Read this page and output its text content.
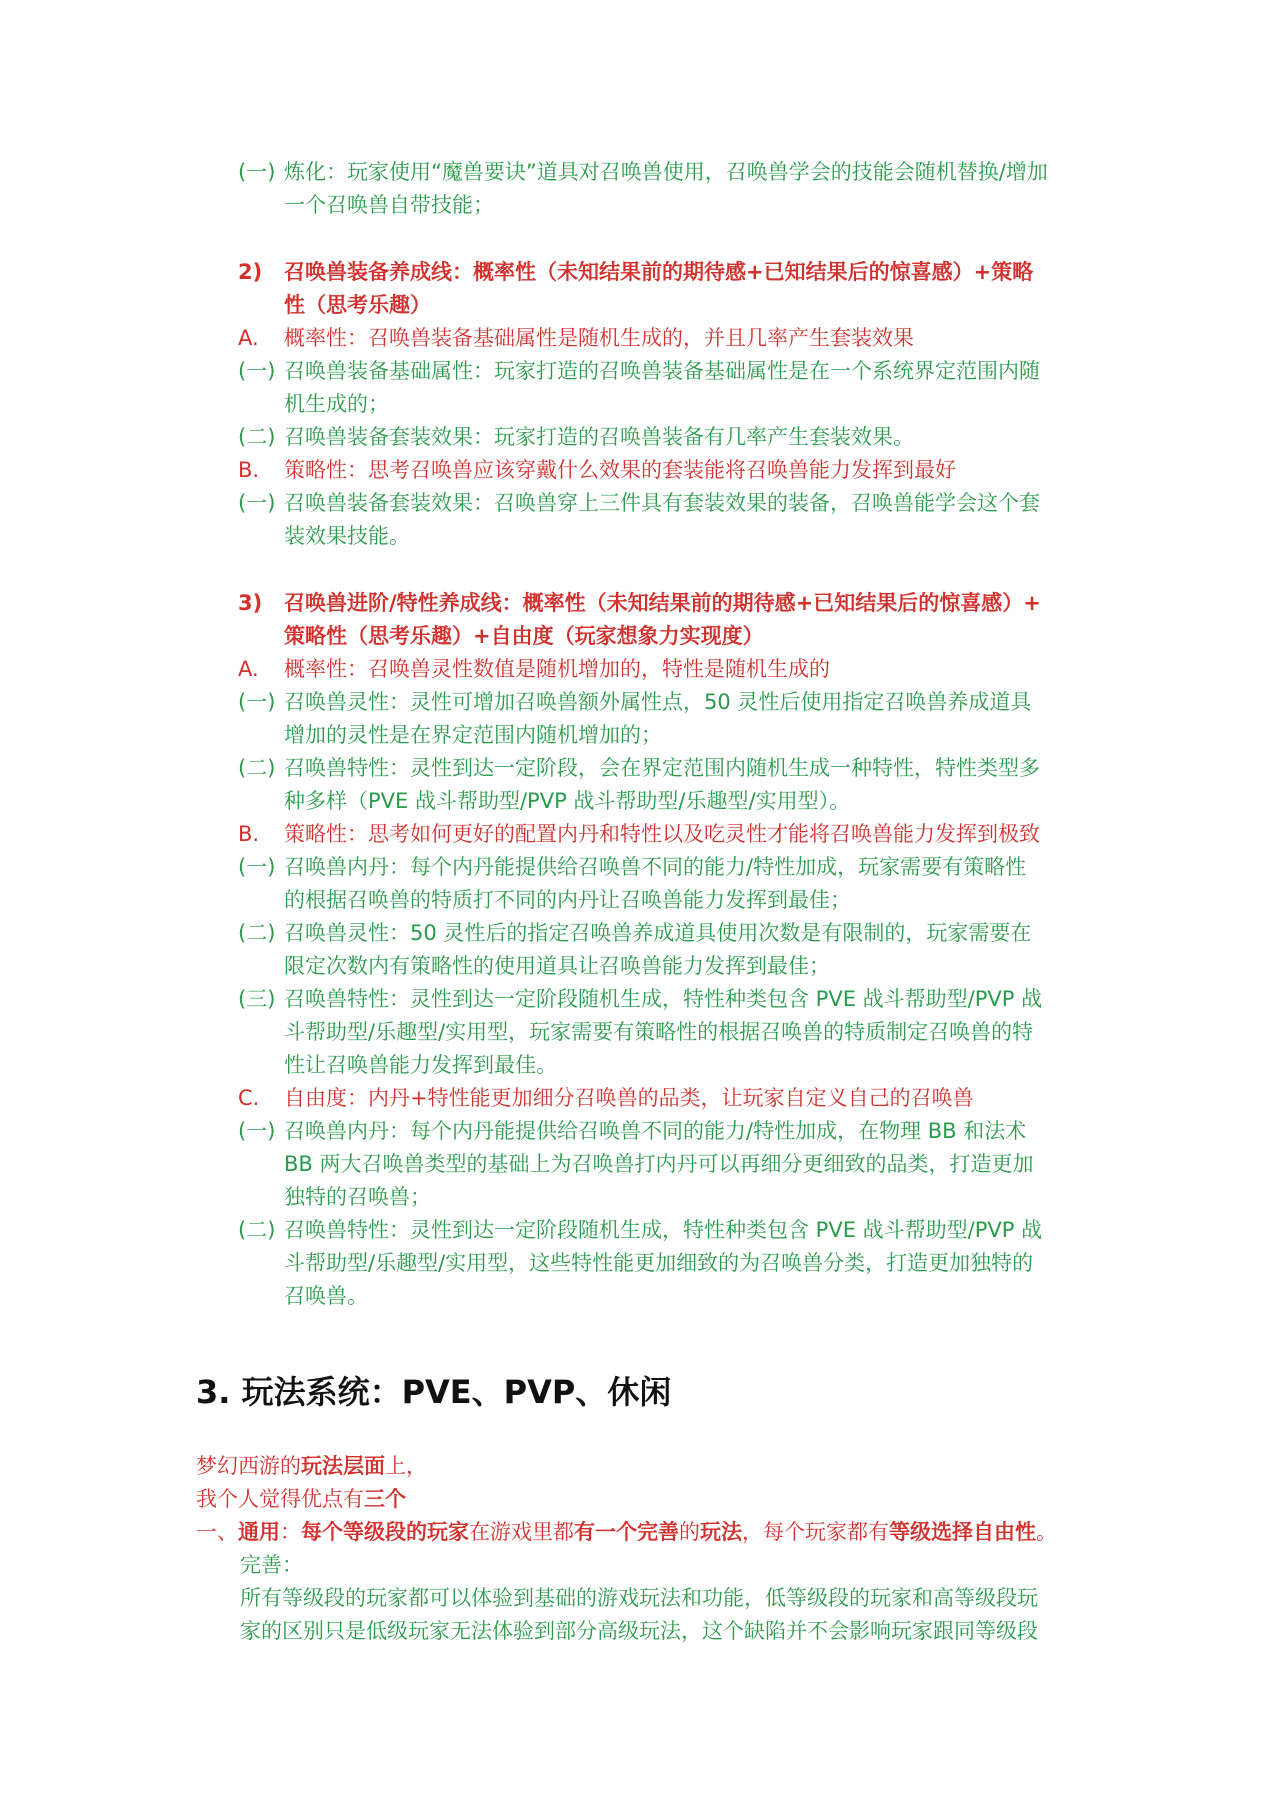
(一) 炼化：玩家使用“魔兽要诀”道具对召唤兽使用，召唤兽学会的技能会随机替换/增加
一个召唤兽自带技能；
2) 召唤兽装备养成线：概率性（未知结果前的期待感+已知结果后的惊喜感）+策略
性（思考乐趣）
A. 概率性：召唤兽装备基础属性是随机生成的，并且几率产生套装效果
(一) 召唤兽装备基础属性：玩家打造的召唤兽装备基础属性是在一个系统界定范围内随
机生成的；
(二) 召唤兽装备套装效果：玩家打造的召唤兽装备有几率产生套装效果。
B. 策略性：思考召唤兽应该穿戴什么效果的套装能将召唤兽能力发挥到最好
(一) 召唤兽装备套装效果：召唤兽穿上三件具有套装效果的装备，召唤兽能学会这个套
装效果技能。
3) 召唤兽进阶/特性养成线：概率性（未知结果前的期待感+已知结果后的惊喜感）+
策略性（思考乐趣）+自由度（玩家想象力实现度）
A. 概率性：召唤兽灵性数值是随机增加的，特性是随机生成的
(一) 召唤兽灵性：灵性可增加召唤兽额外属性点，50 灵性后使用指定召唤兽养成道具
增加的灵性是在界定范围内随机增加的；
(二) 召唤兽特性：灵性到达一定阶段，会在界定范围内随机生成一种特性，特性类型多
种多样（PVE 战斗帮助型/PVP 战斗帮助型/乐趣型/实用型）。
B. 策略性：思考如何更好的配置内丹和特性以及吃灵性才能将召唤兽能力发挥到极致
(一) 召唤兽内丹：每个内丹能提供给召唤兽不同的能力/特性加成，玩家需要有策略性
的根据召唤兽的特质打不同的内丹让召唤兽能力发挥到最佳；
(二) 召唤兽灵性：50 灵性后的指定召唤兽养成道具使用次数是有限制的，玩家需要在
限定次数内有策略性的使用道具让召唤兽能力发挥到最佳；
(三) 召唤兽特性：灵性到达一定阶段随机生成，特性种类包含 PVE 战斗帮助型/PVP 战
斗帮助型/乐趣型/实用型，玩家需要有策略性的根据召唤兽的特质制定召唤兽的特
性让召唤兽能力发挥到最佳。
C. 自由度：内丹+特性能更加细分召唤兽的品类，让玩家自定义自己的召唤兽
(一) 召唤兽内丹：每个内丹能提供给召唤兽不同的能力/特性加成，在物理 BB 和法术
BB 两大召唤兽类型的基础上为召唤兽打内丹可以再细分更细致的品类，打造更加
独特的召唤兽；
(二) 召唤兽特性：灵性到达一定阶段随机生成，特性种类包含 PVE 战斗帮助型/PVP 战
斗帮助型/乐趣型/实用型，这些特性能更加细致的为召唤兽分类，打造更加独特的
召唤兽。
3. 玩法系统：PVE、PVP、休闲
梦幻西游的玩法层面上，
我个人觉得优点有三个
一、通用：每个等级段的玩家在游戏里都有一个完善的玩法，每个玩家都有等级选择自由性。
完善：
所有等级段的玩家都可以体验到基础的游戏玩法和功能，低等级段的玩家和高等级段玩
家的区别只是低级玩家无法体验到部分高级玩法，这个缺陷并不会影响玩家跟同等级段
